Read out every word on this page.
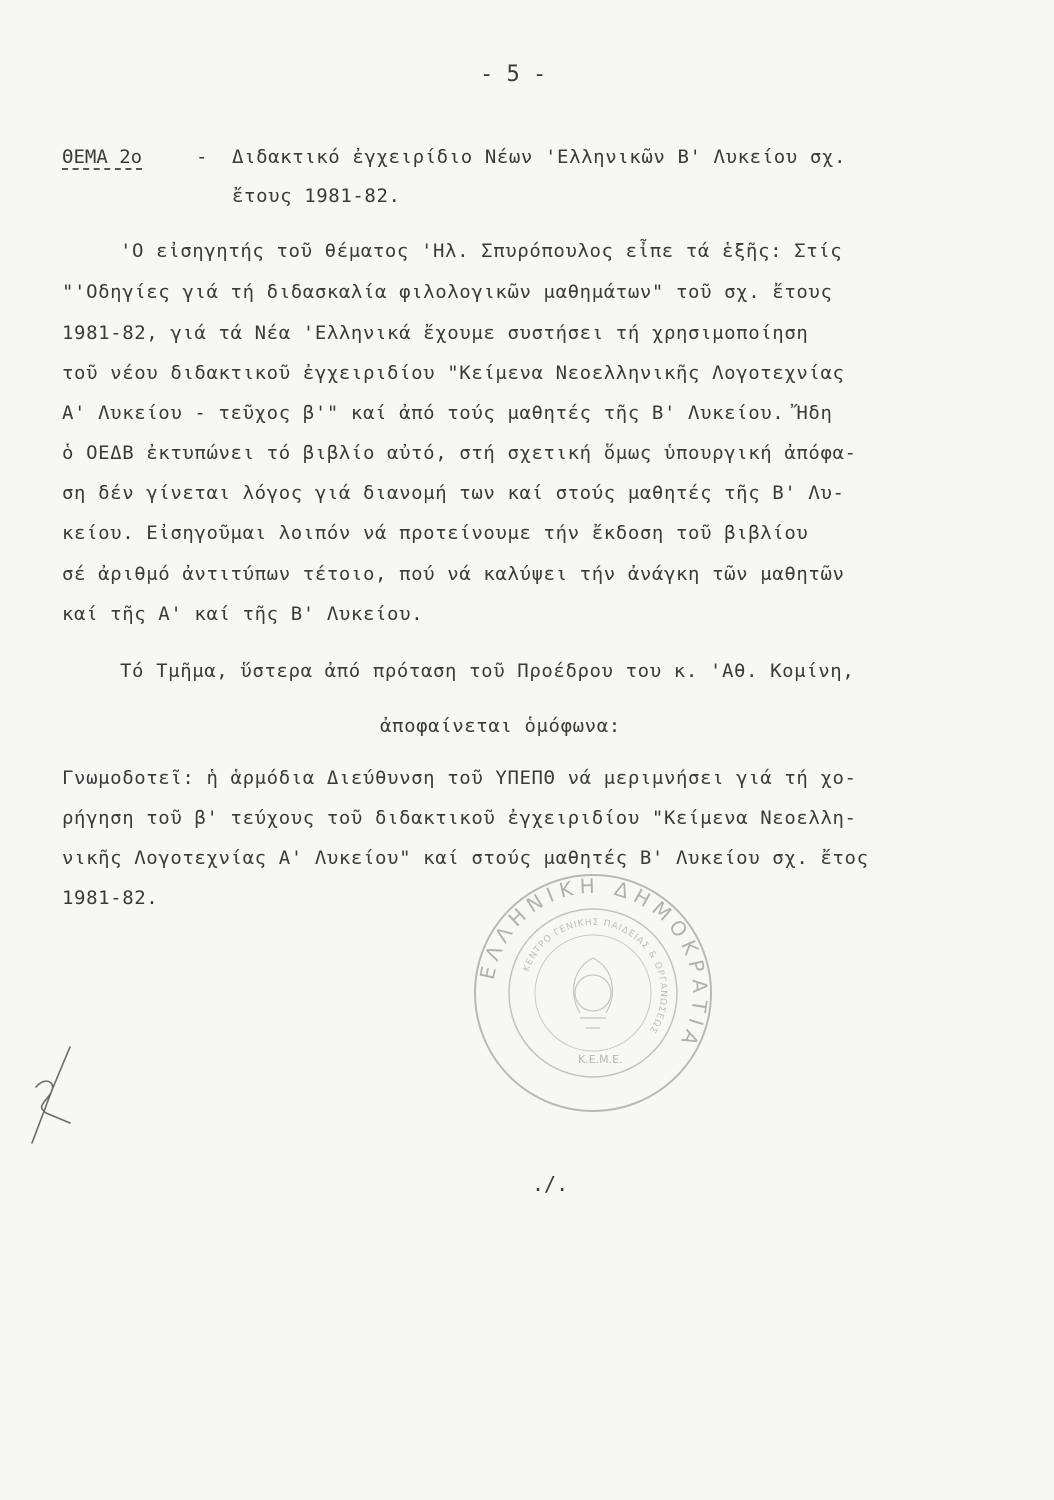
- 5 -
ΘΕΜΑ 2ο	- Διδακτικό ἐγχειρίδιο Νέων 'Ελληνικῶν Β' Λυκείου σχ.
ἔτους 1981-82.
'Ο εἰσηγητής τοῦ θέματος 'Ηλ. Σπυρόπουλος εἶπε τά ἑξῆς: Στίς
"'Οδηγίες γιά τή διδασκαλία φιλολογικῶν μαθημάτων" τοῦ σχ. ἔτους
1981-82, γιά τά Νέα 'Ελληνικά ἔχουμε συστήσει τή χρησιμοποίηση
τοῦ νέου διδακτικοῦ ἐγχειριδίου "Κείμενα Νεοελληνικῆς Λογοτεχνίας
Α' Λυκείου - τεῦχος β'" καί ἀπό τούς μαθητές τῆς Β' Λυκείου. Ἤδη
ὁ ΟΕΔΒ ἐκτυπώνει τό βιβλίο αὐτό, στή σχετική ὅμως ὑπουργική ἀπόφα-
ση δέν γίνεται λόγος γιά διανομή των καί στούς μαθητές τῆς Β' Λυ-
κείου. Εἰσηγοῦμαι λοιπόν νά προτείνουμε τήν ἔκδοση τοῦ βιβλίου
σέ ἀριθμό ἀντιτύπων τέτοιο, πού νά καλύψει τήν ἀνάγκη τῶν μαθητῶν
καί τῆς Α' καί τῆς Β' Λυκείου.
Τό Τμῆμα, ὕστερα ἀπό πρόταση τοῦ Προέδρου του κ. 'Αθ. Κομίνη,
ἀποφαίνεται ὁμόφωνα:
Γνωμοδοτεῖ: ἡ ἁρμόδια Διεύθυνση τοῦ ΥΠΕΠΘ νά μεριμνήσει γιά τή χο-
ρήγηση τοῦ β' τεύχους τοῦ διδακτικοῦ ἐγχειριδίου "Κείμενα Νεοελλη-
νικῆς Λογοτεχνίας Α' Λυκείου" καί στούς μαθητές Β' Λυκείου σχ. ἔτος
1981-82.
ΕΛΛΗΝΙΚΗ ΔΗΜΟΚΡΑΤΙΑ
ΚΕΝΤΡΟ ΓΕΝΙΚΗΣ ΠΑΙΔΕΙΑΣ & ΟΡΓΑΝΩΣΕΩΣ
Κ.Ε.Μ.Ε.
./.
